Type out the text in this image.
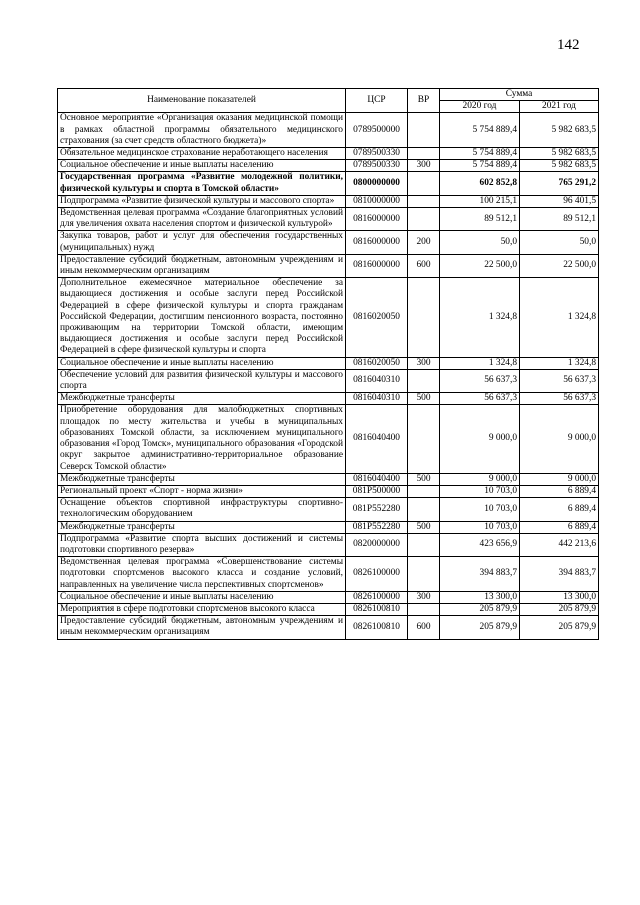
142
Наименование показателей	ЦСР	ВР	Сумма	
			2020 год	2021 год
Основное мероприятие «Организация оказания медицинской помощи в рамках областной программы обязательного медицинского страхования (за счет средств областного бюджета)»	0789500000		5 754 889,4	5 982 683,5
Обязательное медицинское страхование неработающего населения	0789500330		5 754 889,4	5 982 683,5
Социальное обеспечение и иные выплаты населению	0789500330	300	5 754 889,4	5 982 683,5
Государственная программа «Развитие молодежной политики, физической культуры и спорта в Томской области»	0800000000		602 852,8	765 291,2
Подпрограмма «Развитие физической культуры и массового спорта»	0810000000		100 215,1	96 401,5
Ведомственная целевая программа «Создание благоприятных условий для увеличения охвата населения спортом и физической культурой»	0816000000		89 512,1	89 512,1
Закупка товаров, работ и услуг для обеспечения государственных (муниципальных) нужд	0816000000	200	50,0	50,0
Предоставление субсидий бюджетным, автономным учреждениям и иным некоммерческим организациям	0816000000	600	22 500,0	22 500,0
Дополнительное ежемесячное материальное обеспечение за выдающиеся достижения и особые заслуги перед Российской Федерацией в сфере физической культуры и спорта гражданам Российской Федерации, достигшим пенсионного возраста, постоянно проживающим на территории Томской области, имеющим выдающиеся достижения и особые заслуги перед Российской Федерацией в сфере физической культуры и спорта	0816020050		1 324,8	1 324,8
Социальное обеспечение и иные выплаты населению	0816020050	300	1 324,8	1 324,8
Обеспечение условий для развития физической культуры и массового спорта	0816040310		56 637,3	56 637,3
Межбюджетные трансферты	0816040310	500	56 637,3	56 637,3
Приобретение оборудования для малобюджетных спортивных площадок по месту жительства и учебы в муниципальных образованиях Томской области, за исключением муниципального образования «Город Томск», муниципального образования «Городской округ закрытое административно-территориальное образование Северск Томской области»	0816040400		9 000,0	9 000,0
Межбюджетные трансферты	0816040400	500	9 000,0	9 000,0
Региональный проект «Спорт - норма жизни»	081P500000		10 703,0	6 889,4
Оснащение объектов спортивной инфраструктуры спортивно-технологическим оборудованием	081P552280		10 703,0	6 889,4
Межбюджетные трансферты	081P552280	500	10 703,0	6 889,4
Подпрограмма «Развитие спорта высших достижений и системы подготовки спортивного резерва»	0820000000		423 656,9	442 213,6
Ведомственная целевая программа «Совершенствование системы подготовки спортсменов высокого класса и создание условий, направленных на увеличение числа перспективных спортсменов»	0826100000		394 883,7	394 883,7
Социальное обеспечение и иные выплаты населению	0826100000	300	13 300,0	13 300,0
Мероприятия в сфере подготовки спортсменов высокого класса	0826100810		205 879,9	205 879,9
Предоставление субсидий бюджетным, автономным учреждениям и иным некоммерческим организациям	0826100810	600	205 879,9	205 879,9
